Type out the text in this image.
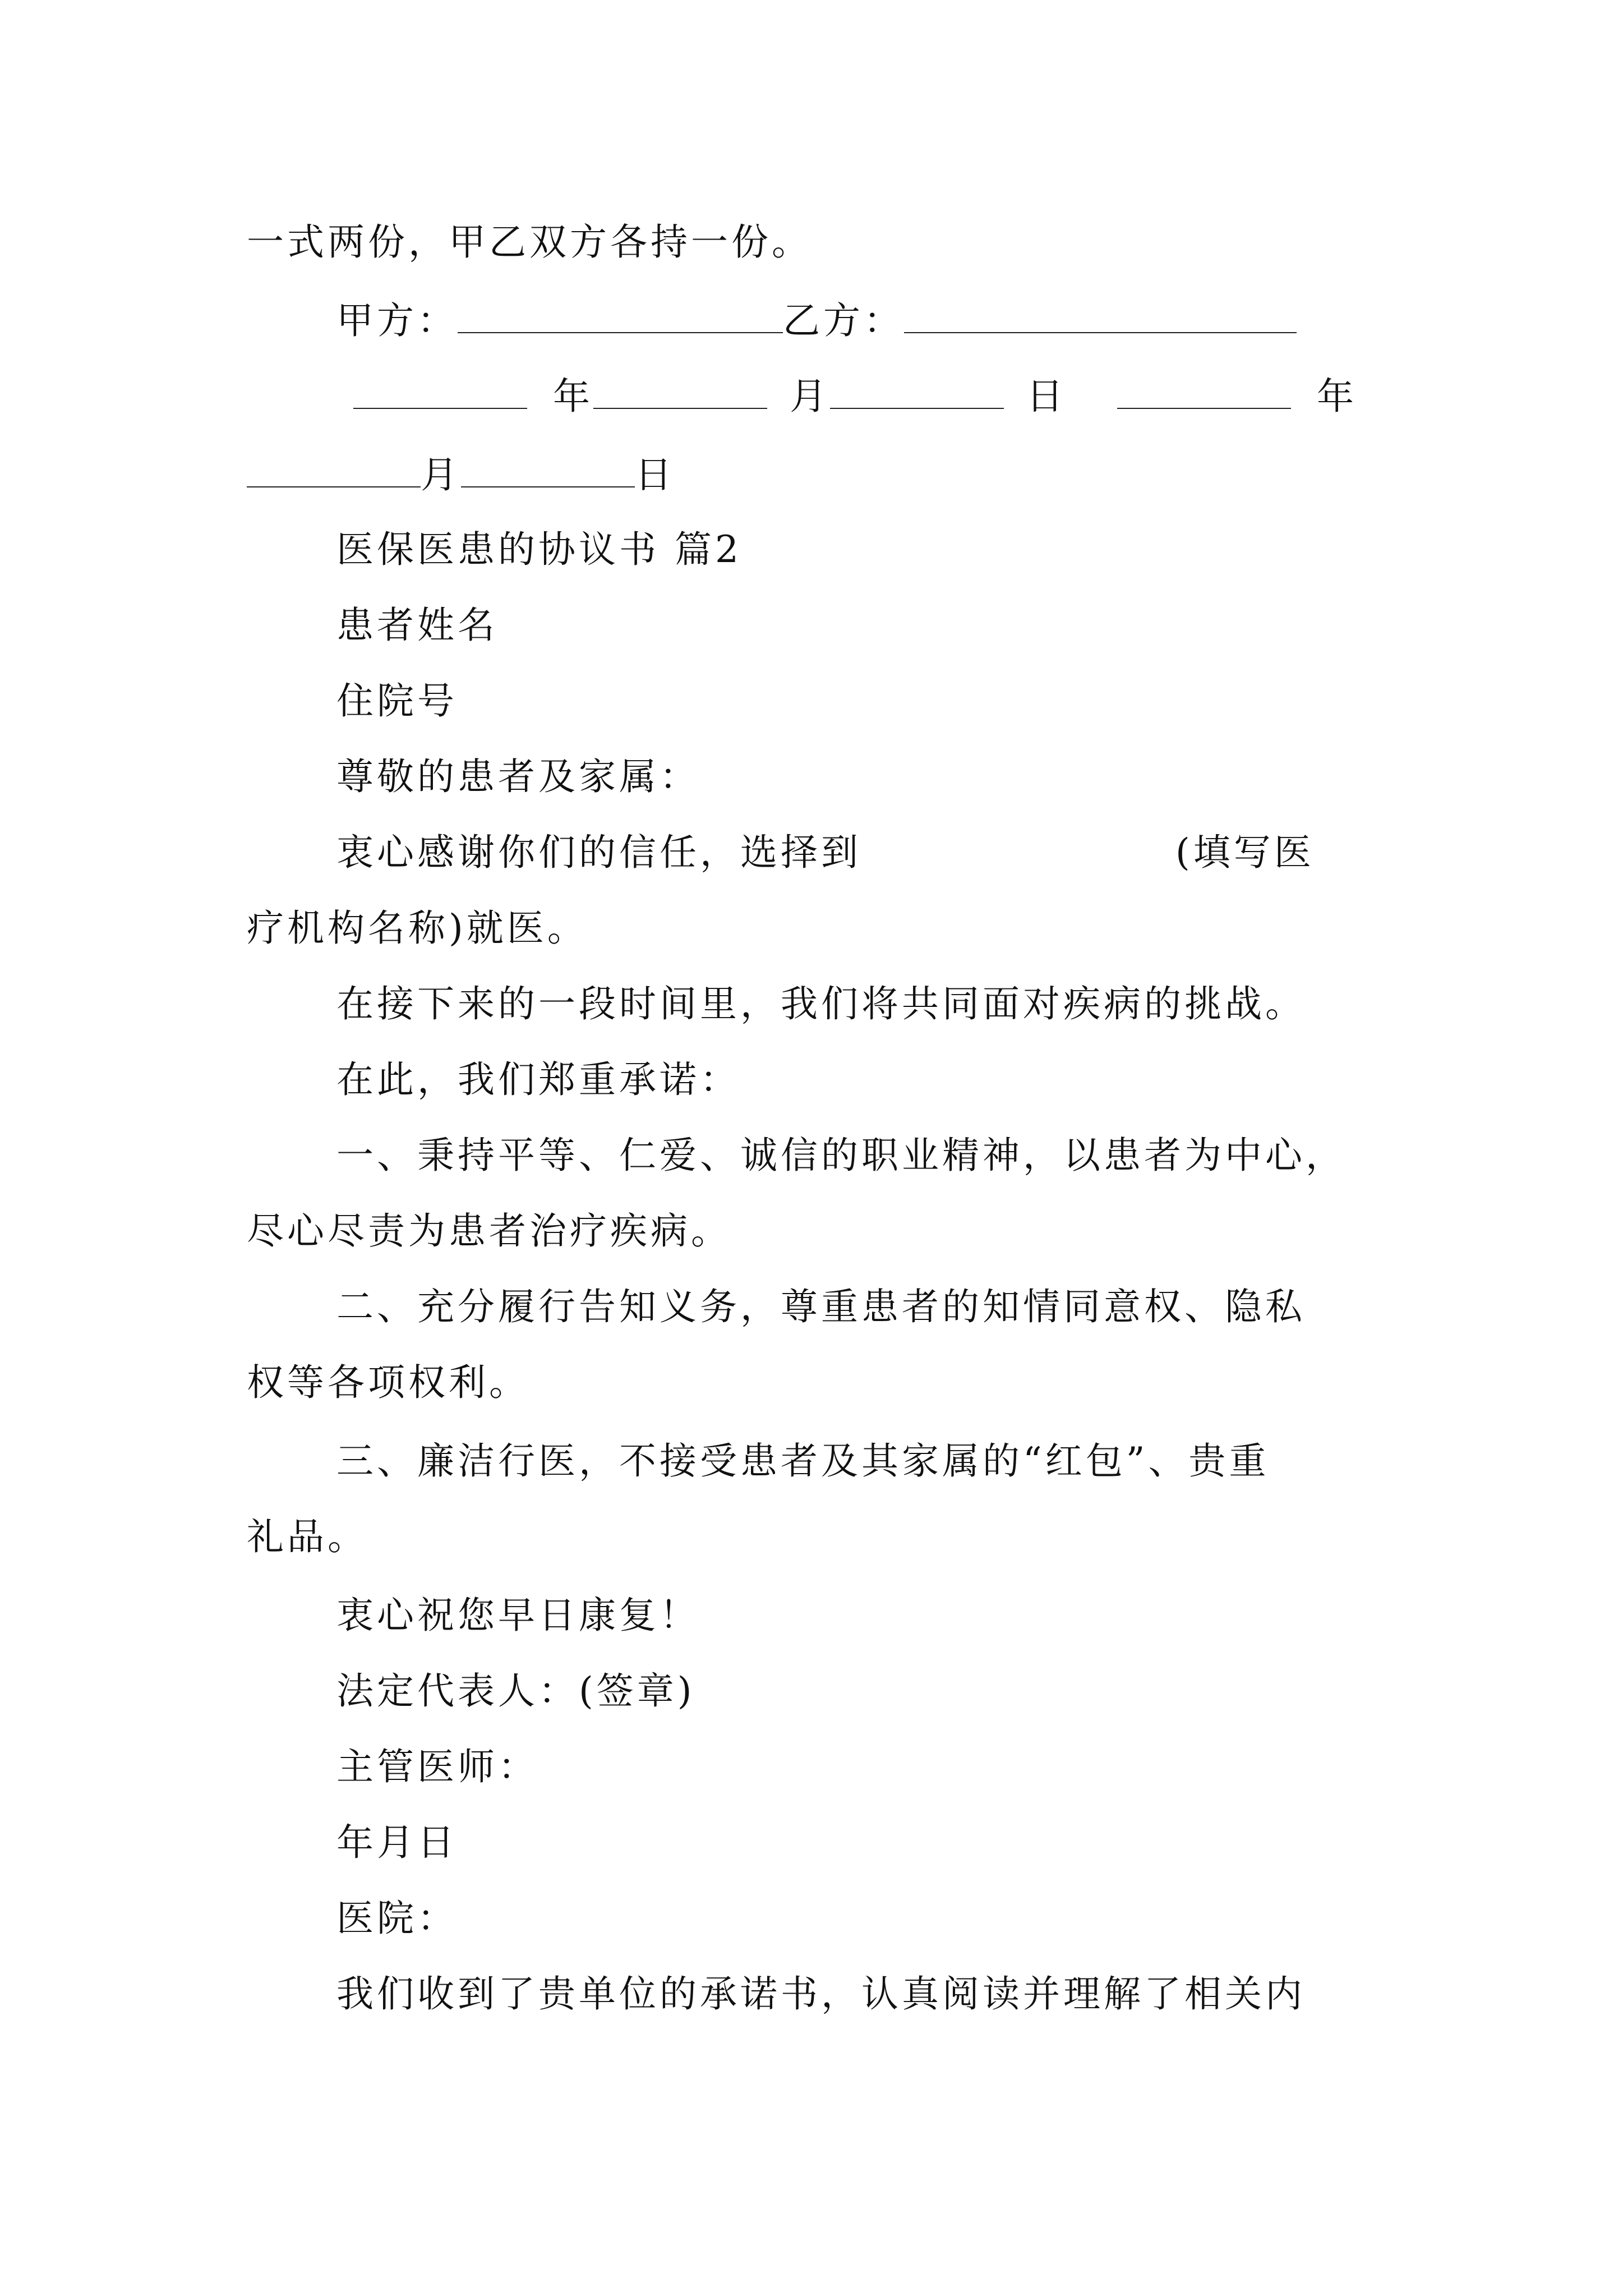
一式两份，甲乙双方各持一份。
甲方：	乙方：
年	月	日	年
月	日
医保医患的协议书 篇2
患者姓名
住院号
尊敬的患者及家属：
衷心感谢你们的信任，选择到	(填写医
疗机构名称)就医。
在接下来的一段时间里，我们将共同面对疾病的挑战。
在此，我们郑重承诺：
一、秉持平等、仁爱、诚信的职业精神，以患者为中心，
尽心尽责为患者治疗疾病。
二、充分履行告知义务，尊重患者的知情同意权、隐私
权等各项权利。
三、廉洁行医，不接受患者及其家属的“红包”、贵重
礼品。
衷心祝您早日康复！
法定代表人：(签章)
主管医师：
年月日
医院：
我们收到了贵单位的承诺书，认真阅读并理解了相关内
